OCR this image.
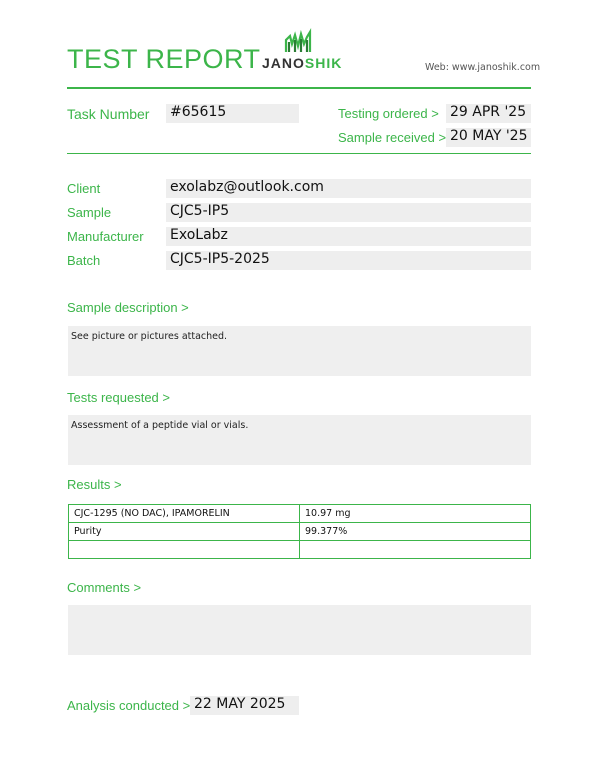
TEST REPORT JANOSHIK	Web: www.janoshik.com
Task Number #65615	Testing ordered > 29 APR '25
Sample received > 20 MAY '25
Client	exolabz@outlook.com
Sample	CJC5-IP5
Manufacturer ExoLabz
Batch	CJC5-IP5-2025
Sample description >
See picture or pictures attached.
Tests requested >
Assessment of a peptide vial or vials.
Results >
CJC-1295 (NO DAC), IPAMORELIN	10.97 mg
Purity	99.377%

Comments >
Analysis conducted > 22 MAY 2025
